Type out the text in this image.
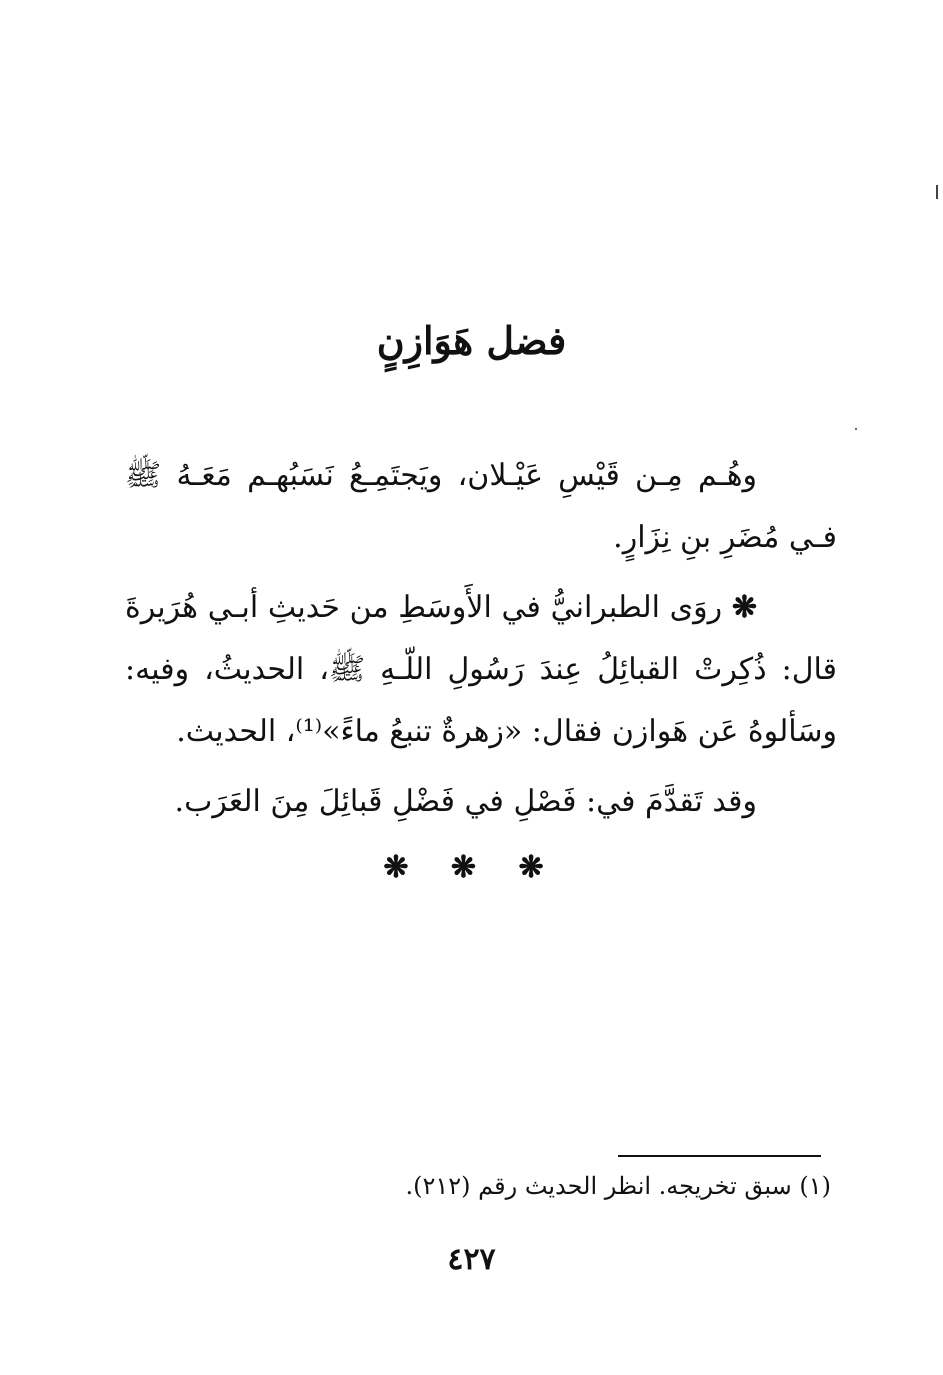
فضل هَوَازِنٍ

وهُـم مِـن قَيْسِ عَيْـلان، ويَجتَمِـعُ نَسَبُهـم مَعَـهُ ﷺ فـي مُضَرِ بنِ نِزَارٍ.

❋ روَى الطبرانيُّ في الأَوسَطِ من حَديثِ أبـي هُرَيرةَ قال: ذُكِرتْ القبائِلُ عِندَ رَسُولِ اللّـهِ ﷺ، الحديثُ، وفيه: وسَألوهُ عَن هَوازن فقال: «زهرةٌ تنبعُ ماءً»⁽¹⁾، الحديث.

وقد تَقدَّمَ في: فَصْلِ في فَضْلِ قَبائِلَ مِنَ العَرَب.

❋ ❋ ❋
(١) سبق تخريجه. انظر الحديث رقم (٢١٢).
٤٢٧
